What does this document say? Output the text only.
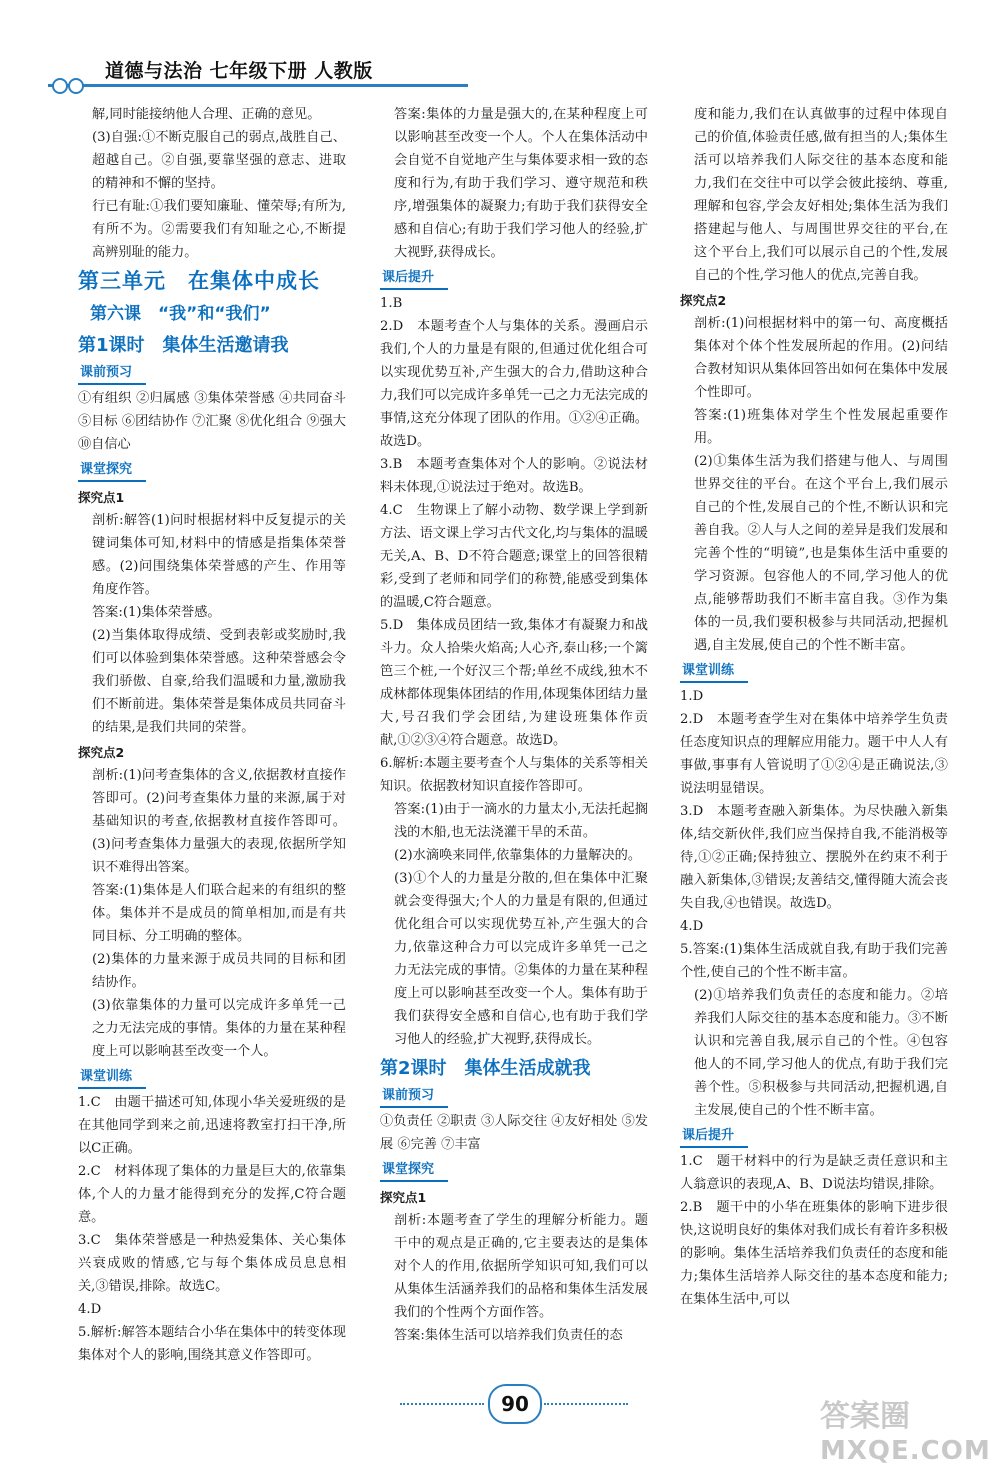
道德与法治 七年级下册 人教版

解,同时能接纳他人合理、正确的意见。

(3)自强:①不断克服自己的弱点,战胜自己、超越自己。②自强,要靠坚强的意志、进取的精神和不懈的坚持。

行已有耻:①我们要知廉耻、懂荣辱;有所为,有所不为。②需要我们有知耻之心,不断提高辨别耻的能力。

第三单元　在集体中成长
第六课　“我”和“我们”
第1课时　集体生活邀请我
课前预习

①有组织 ②归属感 ③集体荣誉感 ④共同奋斗 ⑤目标 ⑥团结协作 ⑦汇聚 ⑧优化组合 ⑨强大 ⑩自信心

课堂探究
探究点1

剖析:解答(1)问时根据材料中反复提示的关键词集体可知,材料中的情感是指集体荣誉感。(2)问围绕集体荣誉感的产生、作用等角度作答。

答案:(1)集体荣誉感。

(2)当集体取得成绩、受到表彰或奖励时,我们可以体验到集体荣誉感。这种荣誉感会令我们骄傲、自豪,给我们温暖和力量,激励我们不断前进。集体荣誉是集体成员共同奋斗的结果,是我们共同的荣誉。

探究点2

剖析:(1)问考查集体的含义,依据教材直接作答即可。(2)问考查集体力量的来源,属于对基础知识的考查,依据教材直接作答即可。(3)问考查集体力量强大的表现,依据所学知识不难得出答案。

答案:(1)集体是人们联合起来的有组织的整体。集体并不是成员的简单相加,而是有共同目标、分工明确的整体。

(2)集体的力量来源于成员共同的目标和团结协作。

(3)依靠集体的力量可以完成许多单凭一己之力无法完成的事情。集体的力量在某种程度上可以影响甚至改变一个人。

课堂训练

1.C　由题干描述可知,体现小华关爱班级的是在其他同学到来之前,迅速将教室打扫干净,所以C正确。

2.C　材料体现了集体的力量是巨大的,依靠集体,个人的力量才能得到充分的发挥,C符合题意。

3.C　集体荣誉感是一种热爱集体、关心集体兴衰成败的情感,它与每个集体成员息息相关,③错误,排除。故选C。

4.D

5.解析:解答本题结合小华在集体中的转变体现集体对个人的影响,围绕其意义作答即可。

答案:集体的力量是强大的,在某种程度上可以影响甚至改变一个人。个人在集体活动中会自觉不自觉地产生与集体要求相一致的态度和行为,有助于我们学习、遵守规范和秩序,增强集体的凝聚力;有助于我们获得安全感和自信心;有助于我们学习他人的经验,扩大视野,获得成长。

课后提升

1.B

2.D　本题考查个人与集体的关系。漫画启示我们,个人的力量是有限的,但通过优化组合可以实现优势互补,产生强大的合力,借助这种合力,我们可以完成许多单凭一己之力无法完成的事情,这充分体现了团队的作用。①②④正确。故选D。

3.B　本题考查集体对个人的影响。②说法材料未体现,①说法过于绝对。故选B。

4.C　生物课上了解小动物、数学课上学到新方法、语文课上学习古代文化,均与集体的温暖无关,A、B、D不符合题意;课堂上的回答很精彩,受到了老师和同学们的称赞,能感受到集体的温暖,C符合题意。

5.D　集体成员团结一致,集体才有凝聚力和战斗力。众人拾柴火焰高;人心齐,泰山移;一个篱笆三个桩,一个好汉三个帮;单丝不成线,独木不成林都体现集体团结的作用,体现集体团结力量大,号召我们学会团结,为建设班集体作贡献,①②③④符合题意。故选D。

6.解析:本题主要考查个人与集体的关系等相关知识。依据教材知识直接作答即可。

答案:(1)由于一滴水的力量太小,无法托起搁浅的木船,也无法浇灌干旱的禾苗。

(2)水滴唤来同伴,依靠集体的力量解决的。

(3)①个人的力量是分散的,但在集体中汇聚就会变得强大;个人的力量是有限的,但通过优化组合可以实现优势互补,产生强大的合力,依靠这种合力可以完成许多单凭一己之力无法完成的事情。②集体的力量在某种程度上可以影响甚至改变一个人。集体有助于我们获得安全感和自信心,也有助于我们学习他人的经验,扩大视野,获得成长。

第2课时　集体生活成就我
课前预习

①负责任 ②职责 ③人际交往 ④友好相处 ⑤发展 ⑥完善 ⑦丰富

课堂探究
探究点1

剖析:本题考查了学生的理解分析能力。题干中的观点是正确的,它主要表达的是集体对个人的作用,依据所学知识可知,我们可以从集体生活涵养我们的品格和集体生活发展我们的个性两个方面作答。

答案:集体生活可以培养我们负责任的态

度和能力,我们在认真做事的过程中体现自己的价值,体验责任感,做有担当的人;集体生活可以培养我们人际交往的基本态度和能力,我们在交往中可以学会彼此接纳、尊重,理解和包容,学会友好相处;集体生活为我们搭建起与他人、与周围世界交往的平台,在这个平台上,我们可以展示自己的个性,发展自己的个性,学习他人的优点,完善自我。

探究点2

剖析:(1)问根据材料中的第一句、高度概括集体对个体个性发展所起的作用。(2)问结合教材知识从集体回答出如何在集体中发展个性即可。

答案:(1)班集体对学生个性发展起重要作用。

(2)①集体生活为我们搭建与他人、与周围世界交往的平台。在这个平台上,我们展示自己的个性,发展自己的个性,不断认识和完善自我。②人与人之间的差异是我们发展和完善个性的“明镜”,也是集体生活中重要的学习资源。包容他人的不同,学习他人的优点,能够帮助我们不断丰富自我。③作为集体的一员,我们要积极参与共同活动,把握机遇,自主发展,使自己的个性不断丰富。

课堂训练

1.D

2.D　本题考查学生对在集体中培养学生负责任态度知识点的理解应用能力。题干中人人有事做,事事有人管说明了①②④是正确说法,③说法明显错误。

3.D　本题考查融入新集体。为尽快融入新集体,结交新伙伴,我们应当保持自我,不能消极等待,①②正确;保持独立、摆脱外在约束不利于融入新集体,③错误;友善结交,懂得随大流会丧失自我,④也错误。故选D。

4.D

5.答案:(1)集体生活成就自我,有助于我们完善个性,使自己的个性不断丰富。

(2)①培养我们负责任的态度和能力。②培养我们人际交往的基本态度和能力。③不断认识和完善自我,展示自己的个性。④包容他人的不同,学习他人的优点,有助于我们完善个性。⑤积极参与共同活动,把握机遇,自主发展,使自己的个性不断丰富。

课后提升

1.C　题干材料中的行为是缺乏责任意识和主人翁意识的表现,A、B、D说法均错误,排除。

2.B　题干中的小华在班集体的影响下进步很快,这说明良好的集体对我们成长有着许多积极的影响。集体生活培养我们负责任的态度和能力;集体生活培养人际交往的基本态度和能力;在集体生活中,可以

90	答案圈
MXQE.COM
